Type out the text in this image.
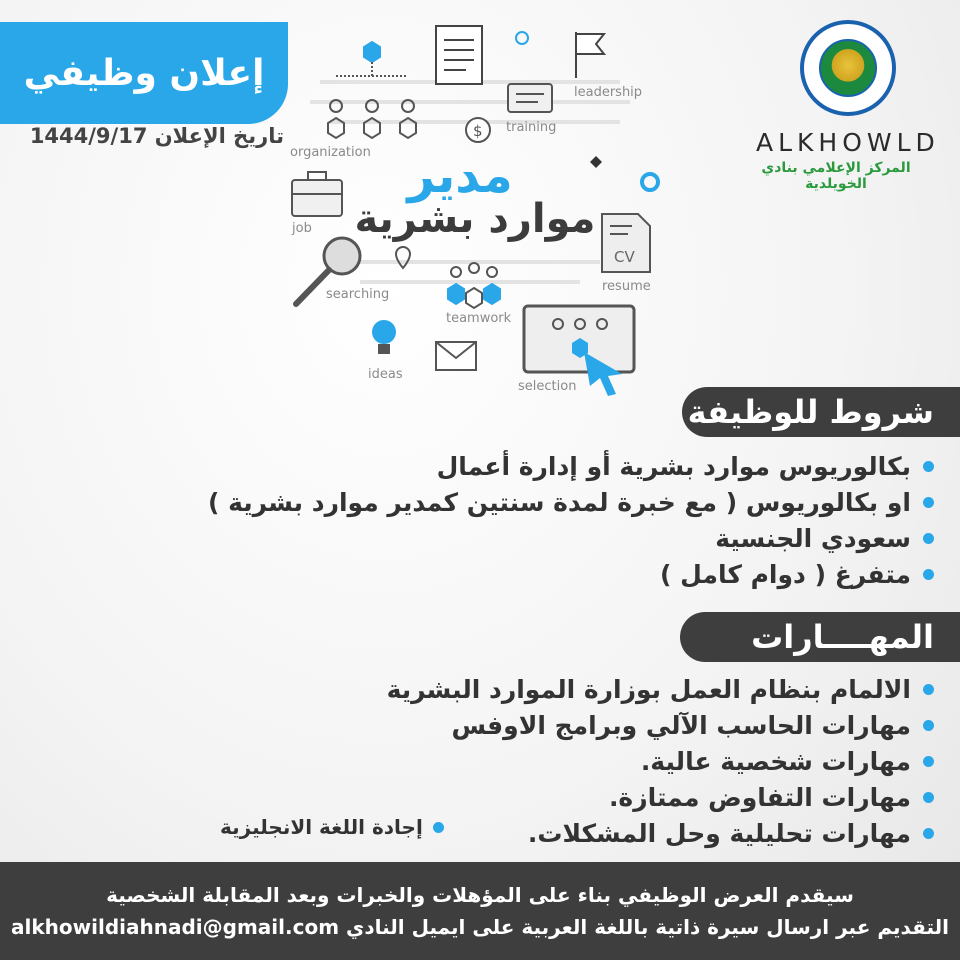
إعلان وظيفي
تاريخ الإعلان 1444/9/17	ALKHOWLD
المركز الإعلامي بنادي الخويلدية
organization
leadership
training
$
job
CV
resume
searching
teamwork
ideas
selection
مدير
موارد بشرية
شروط للوظيفة
بكالوريوس موارد بشرية أو إدارة أعمال
او بكالوريوس ( مع خبرة لمدة سنتين كمدير موارد بشرية )
سعودي الجنسية
متفرغ ( دوام كامل )
المهــــارات
الالمام بنظام العمل بوزارة الموارد البشرية
مهارات الحاسب الآلي وبرامج الاوفس
مهارات شخصية عالية.
مهارات التفاوض ممتازة.
مهارات تحليلية وحل المشكلات.
إجادة اللغة الانجليزية
سيقدم العرض الوظيفي بناء على المؤهلات والخبرات وبعد المقابلة الشخصية
التقديم عبر ارسال سيرة ذاتية باللغة العربية على ايميل النادي alkhowildiahnadi@gmail.com
